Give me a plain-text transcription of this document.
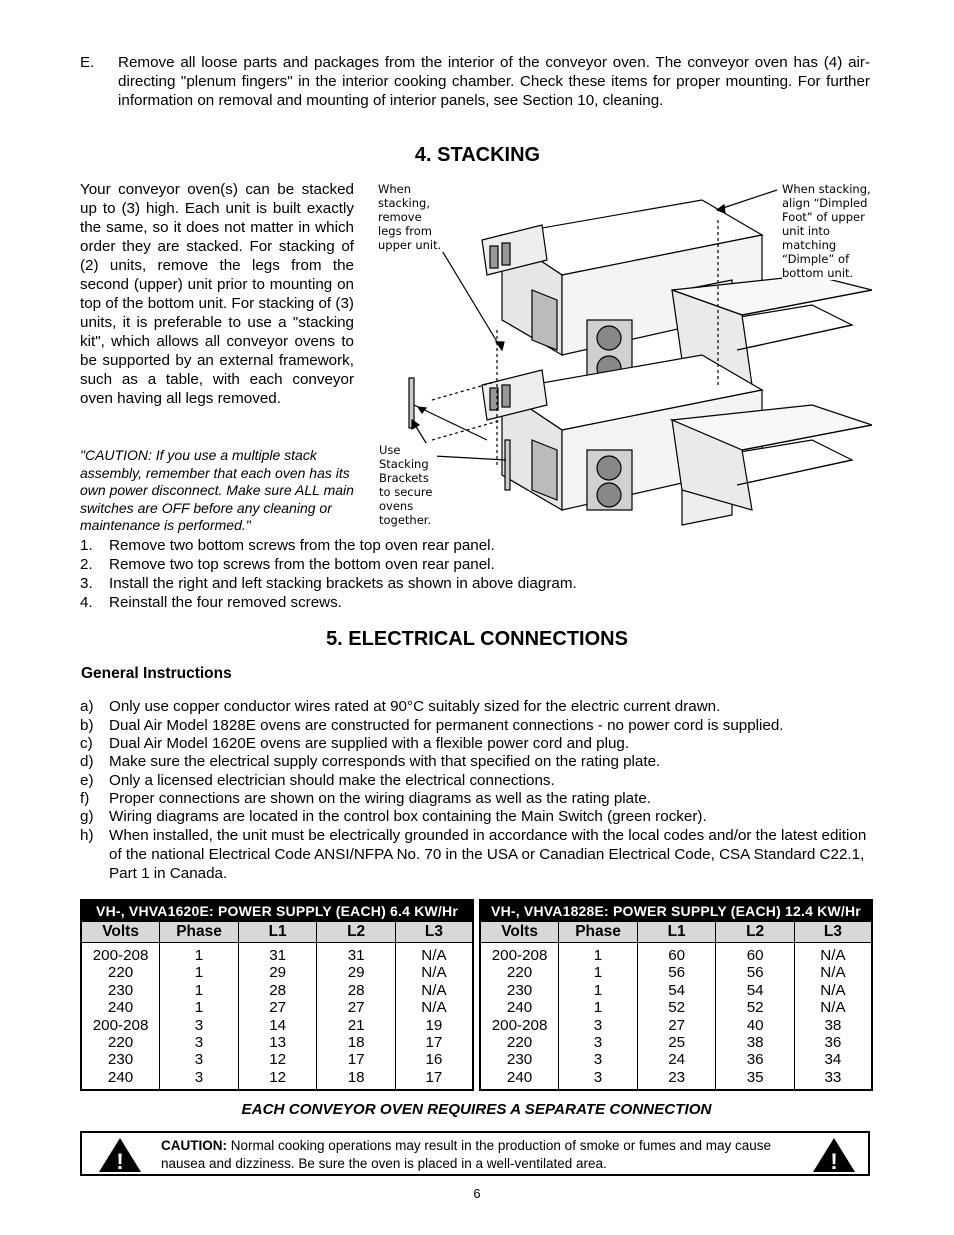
E. Remove all loose parts and packages from the interior of the conveyor oven. The conveyor oven has (4) air-directing "plenum fingers" in the interior cooking chamber. Check these items for proper mounting. For further information on removal and mounting of interior panels, see Section 10, cleaning.
4. STACKING
Your conveyor oven(s) can be stacked up to (3) high. Each unit is built exactly the same, so it does not matter in which order they are stacked. For stacking of (2) units, remove the legs from the second (upper) unit prior to mounting on top of the bottom unit. For stacking of (3) units, it is preferable to use a "stacking kit", which allows all conveyor ovens to be supported by an external framework, such as a table, with each conveyor oven having all legs removed.
"CAUTION: If you use a multiple stack assembly, remember that each oven has its own power disconnect. Make sure ALL main switches are OFF before any cleaning or maintenance is performed."
When stacking, remove legs from upper unit.
When stacking, align “Dimpled Foot” of upper unit into matching “Dimple” of bottom unit.
Use Stacking Brackets to secure ovens together.
1. Remove two bottom screws from the top oven rear panel.
2. Remove two top screws from the bottom oven rear panel.
3. Install the right and left stacking brackets as shown in above diagram.
4. Reinstall the four removed screws.
5. ELECTRICAL CONNECTIONS
General Instructions
a) Only use copper conductor wires rated at 90°C suitably sized for the electric current drawn.
b) Dual Air Model 1828E ovens are constructed for permanent connections - no power cord is supplied.
c) Dual Air Model 1620E ovens are supplied with a flexible power cord and plug.
d) Make sure the electrical supply corresponds with that specified on the rating plate.
e) Only a licensed electrician should make the electrical connections.
f) Proper connections are shown on the wiring diagrams as well as the rating plate.
g) Wiring diagrams are located in the control box containing the Main Switch (green rocker).
h) When installed, the unit must be electrically grounded in accordance with the local codes and/or the latest edition of the national Electrical Code ANSI/NFPA No. 70 in the USA or Canadian Electrical Code, CSA Standard C22.1, Part 1 in Canada.
VH-, VHVA1620E: POWER SUPPLY (EACH) 6.4 KW/Hr				
Volts	Phase	L1	L2	L3
200-208	1	31	31	N/A
220	1	29	29	N/A
230	1	28	28	N/A
240	1	27	27	N/A
200-208	3	14	21	19
220	3	13	18	17
230	3	12	17	16
240	3	12	18	17
VH-, VHVA1828E: POWER SUPPLY (EACH) 12.4 KW/Hr				
Volts	Phase	L1	L2	L3
200-208	1	60	60	N/A
220	1	56	56	N/A
230	1	54	54	N/A
240	1	52	52	N/A
200-208	3	27	40	38
220	3	25	38	36
230	3	24	36	34
240	3	23	35	33
EACH CONVEYOR OVEN REQUIRES A SEPARATE CONNECTION
!
CAUTION: Normal cooking operations may result in the production of smoke or fumes and may cause nausea and dizziness. Be sure the oven is placed in a well-ventilated area.	!
6
